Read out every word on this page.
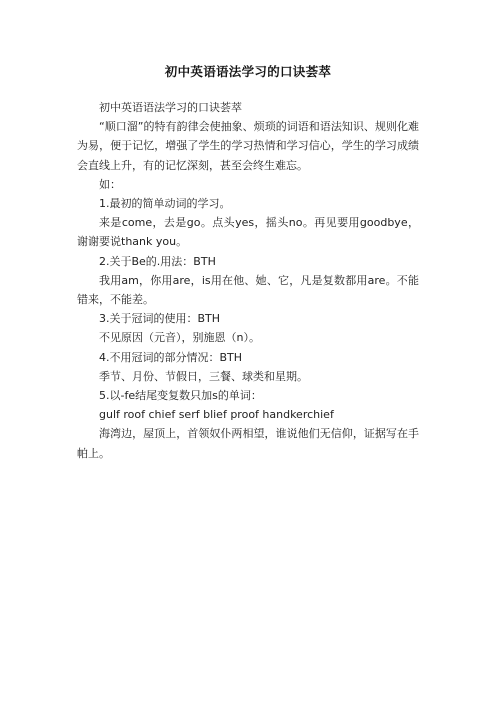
初中英语语法学习的口诀荟萃

初中英语语法学习的口诀荟萃

“顺口溜”的特有韵律会使抽象、烦琐的词语和语法知识、规则化难为易，便于记忆，增强了学生的学习热情和学习信心，学生的学习成绩会直线上升，有的记忆深刻，甚至会终生难忘。

如：

1.最初的简单动词的学习。

来是come，去是go。点头yes，摇头no。再见要用goodbye，谢谢要说thank you。

2.关于Be的.用法：BTH

我用am，你用are，is用在他、她、它，凡是复数都用are。不能错来，不能差。

3.关于冠词的使用：BTH

不见原因（元音），别施恩（n）。

4.不用冠词的部分情况：BTH

季节、月份、节假日，三餐、球类和星期。

5.以-fe结尾变复数只加s的单词：

gulf roof chief serf blief proof handkerchief

海湾边，屋顶上，首领奴仆两相望，谁说他们无信仰，证据写在手帕上。
